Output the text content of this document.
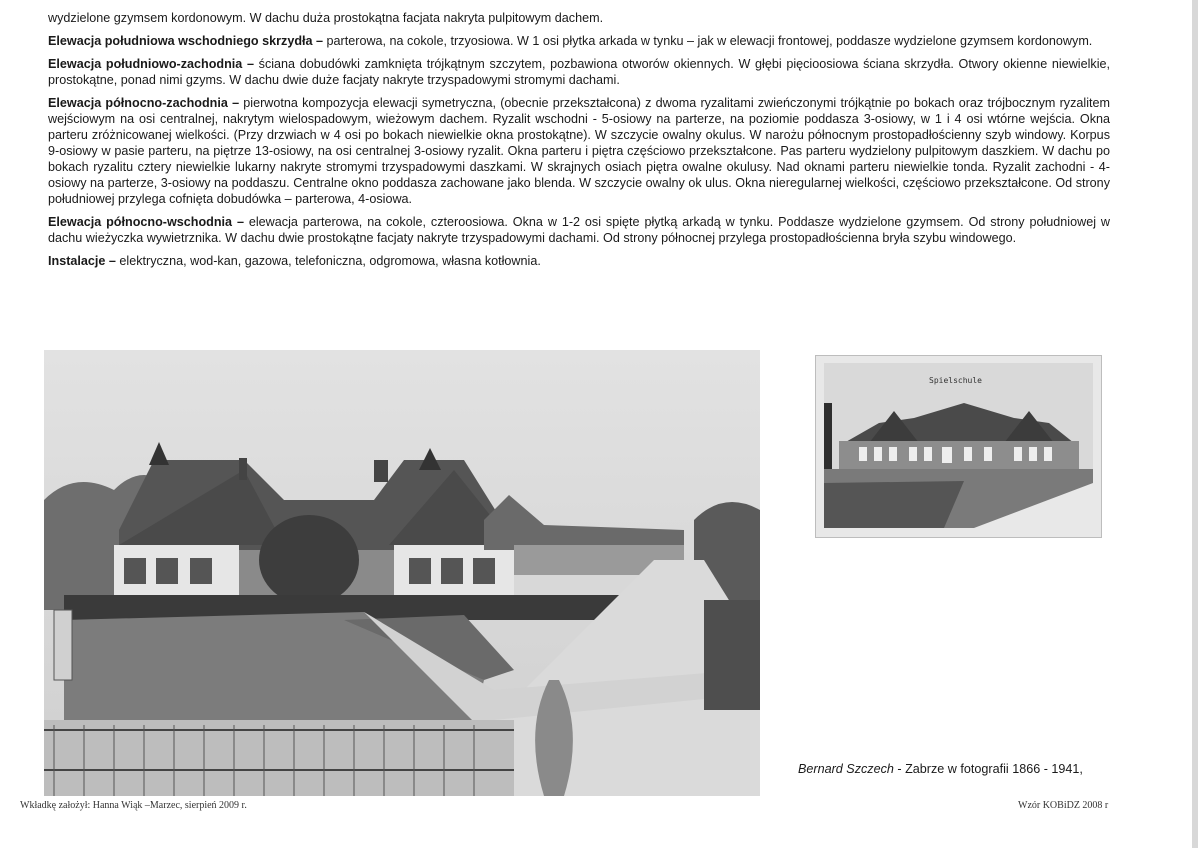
wydzielone gzymsem kordonowym. W dachu duża prostokątna facjata nakryta pulpitowym dachem.

Elewacja południowa wschodniego skrzydła – parterowa, na cokole, trzyosiowa. W 1 osi płytka arkada w tynku – jak w elewacji frontowej, poddasze wydzielone gzymsem kordonowym.

Elewacja południowo-zachodnia – ściana dobudówki zamknięta trójkątnym szczytem, pozbawiona otworów okiennych. W głębi pięcioosiowa ściana skrzydła. Otwory okienne niewielkie, prostokątne, ponad nimi gzyms. W dachu dwie duże facjaty nakryte trzyspadowymi stromymi dachami.

Elewacja północno-zachodnia – pierwotna kompozycja elewacji symetryczna, (obecnie przekształcona) z dwoma ryzalitami zwieńczonymi trójkątnie po bokach oraz trójbocznym ryzalitem wejściowym na osi centralnej, nakrytym wielospadowym, wieżowym dachem. Ryzalit wschodni - 5-osiowy na parterze, na poziomie poddasza 3-osiowy, w 1 i 4 osi wtórne wejścia. Okna parteru zróżnicowanej wielkości. (Przy drzwiach w 4 osi po bokach niewielkie okna prostokątne). W szczycie owalny okulus. W narożu północnym prostopadłościenny szyb windowy. Korpus 9-osiowy w pasie parteru, na piętrze 13-osiowy, na osi centralnej 3-osiowy ryzalit. Okna parteru i piętra częściowo przekształcone. Pas parteru wydzielony pulpitowym daszkiem. W dachu po bokach ryzalitu cztery niewielkie lukarny nakryte stromymi trzyspadowymi daszkami. W skrajnych osiach piętra owalne okulusy. Nad oknami parteru niewielkie tonda. Ryzalit zachodni - 4-osiowy na parterze, 3-osiowy na poddaszu. Centralne okno poddasza zachowane jako blenda. W szczycie owalny ok ulus. Okna nieregularnej wielkości, częściowo przekształcone. Od strony południowej przylega cofnięta dobudówka – parterowa, 4-osiowa.

Elewacja północno-wschodnia – elewacja parterowa, na cokole, czteroosiowa. Okna w 1-2 osi spięte płytką arkadą w tynku. Poddasze wydzielone gzymsem. Od strony południowej w dachu wieżyczka wywietrznika. W dachu dwie prostokątne facjaty nakryte trzyspadowymi dachami. Od strony północnej przylega prostopadłościenna bryła szybu windowego.

Instalacje – elektryczna, wod-kan, gazowa, telefoniczna, odgromowa, własna kotłownia.

Spielschule
Bernard Szczech - Zabrze w fotografii 1866 - 1941,
Wkładkę założył: Hanna Wiąk –Marzec, sierpień 2009 r.	Wzór KOBiDZ 2008 r
